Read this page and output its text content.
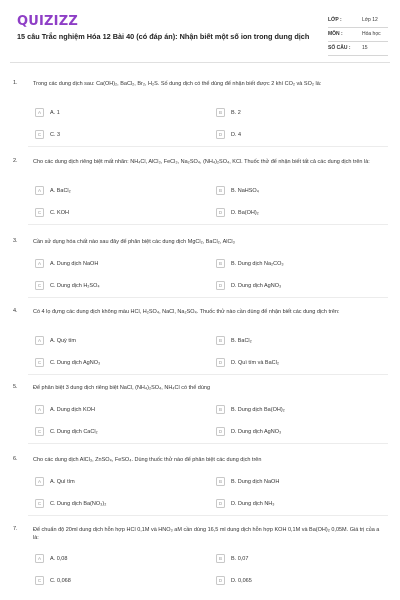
QUIZIZZ
15 câu Trắc nghiệm Hóa 12 Bài 40 (có đáp án): Nhận biết một số ion trong dung dịch
LỚP :	Lớp 12
MÔN :	Hóa học
SỐ CÂU : 15
1.	Trong các dung dịch sau: Ca(OH)₂, BaCl₂, Br₂, H₂S. Số dung dịch có thể dùng để nhận biết được 2 khí CO₂ và SO₂ là:
A	A. 1	B	B. 2
C	C. 3	D	D. 4
2.	Cho các dung dịch riêng biệt mất nhãn: NH₄Cl, AlCl₃, FeCl₃, Na₂SO₄, (NH₄)₂SO₄, KCl. Thuốc thử để nhận biết tất cả các dung dịch trên là:
A	A. BaCl₂	B	B. NaHSO₄
C	C. KOH	D	D. Ba(OH)₂
3.	Cần sử dụng hóa chất nào sau đây để phân biệt các dung dịch MgCl₂, BaCl₂, AlCl₃
A	A. Dung dịch NaOH	B	B. Dung dịch Na₂CO₃
C	C. Dung dịch H₂SO₄	D	D. Dung dịch AgNO₃
4.	Có 4 lọ đựng các dung dịch không màu HCl, H₂SO₄, NaCl, Na₂SO₄. Thuốc thử nào cần dùng để nhận biết các dung dịch trên:
A	A. Quỳ tím	B	B. BaCl₂
C	C. Dung dịch AgNO₃	D	D. Quì tím và BaCl₂
5.	Để phân biệt 3 dung dịch riêng biệt NaCl, (NH₄)₂SO₄, NH₄Cl có thể dùng
A	A. Dung dịch KOH	B	B. Dung dịch Ba(OH)₂
C	C. Dung dịch CaCl₂	D	D. Dung dịch AgNO₃
6.	Cho các dung dịch AlCl₃, ZnSO₄, FeSO₄. Dùng thuốc thử nào để phân biệt các dung dịch trên
A	A. Quì tím	B	B. Dung dịch NaOH
C	C. Dung dịch Ba(NO₃)₂	D	D. Dung dịch NH₃
7.	Để chuẩn độ 20ml dung dịch hỗn hợp HCl 0,1M và HNO₃ aM cần dùng 16,5 ml dung dịch hỗn hợp KOH 0,1M và Ba(OH)₂ 0,05M. Giá trị của a là:
A	A. 0,08	B	B. 0,07
C	C. 0,068	D	D. 0,065
